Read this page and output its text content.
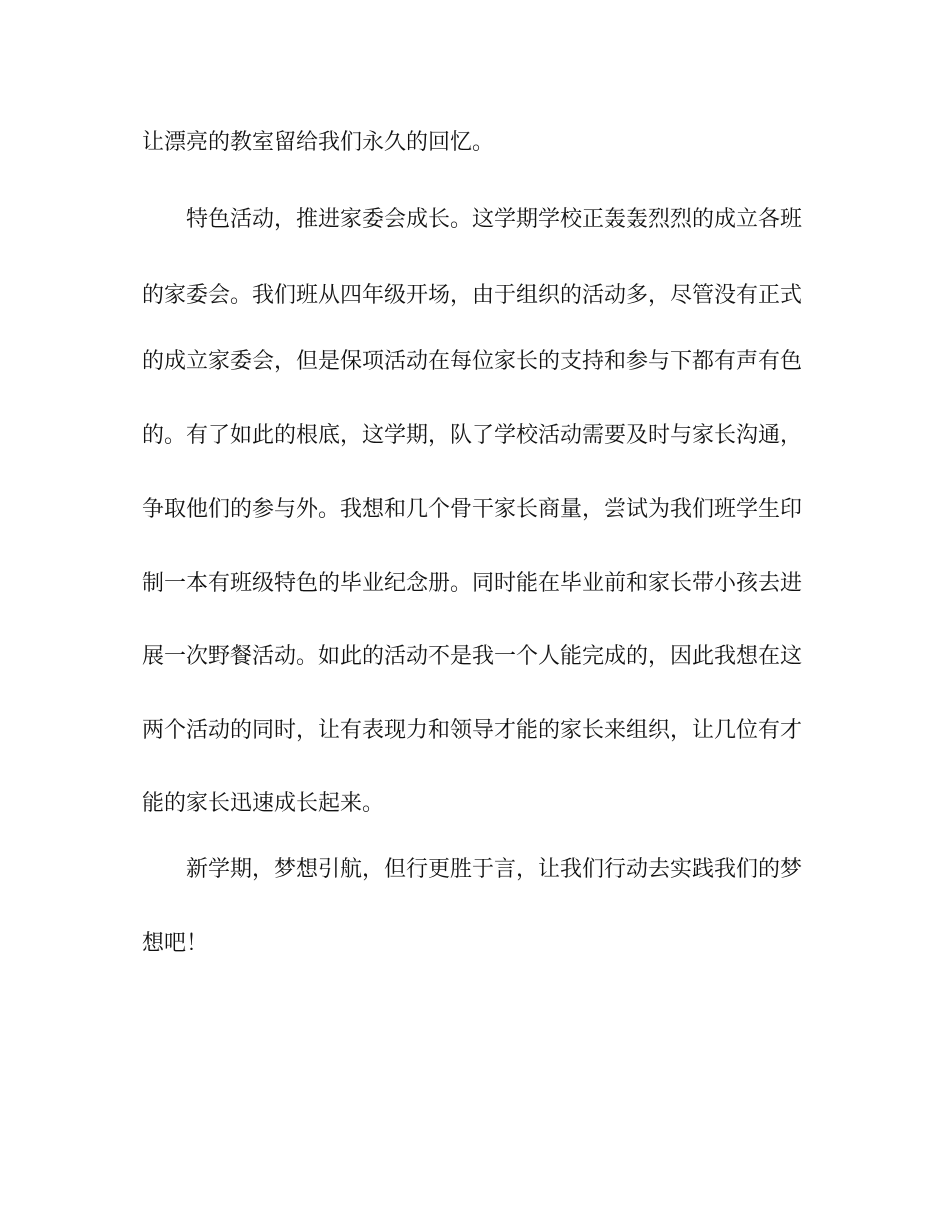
让漂亮的教室留给我们永久的回忆。

特色活动，推进家委会成长。这学期学校正轰轰烈烈的成立各班

的家委会。我们班从四年级开场，由于组织的活动多，尽管没有正式

的成立家委会，但是保项活动在每位家长的支持和参与下都有声有色

的。有了如此的根底，这学期，队了学校活动需要及时与家长沟通，

争取他们的参与外。我想和几个骨干家长商量，尝试为我们班学生印

制一本有班级特色的毕业纪念册。同时能在毕业前和家长带小孩去进

展一次野餐活动。如此的活动不是我一个人能完成的，因此我想在这

两个活动的同时，让有表现力和领导才能的家长来组织，让几位有才

能的家长迅速成长起来。

新学期，梦想引航，但行更胜于言，让我们行动去实践我们的梦

想吧！
